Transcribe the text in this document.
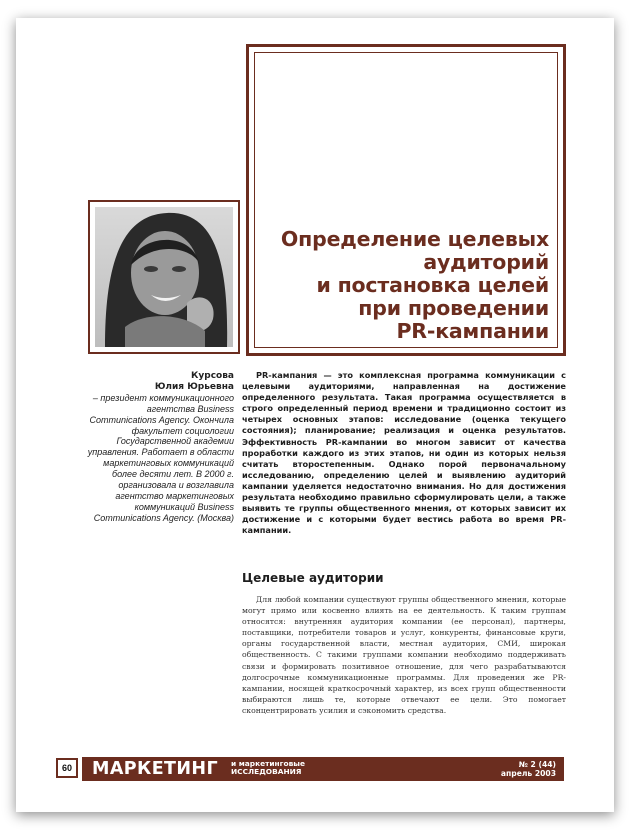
Определение целевых
аудиторий
и постановка целей
при проведении
PR-кампании
Курсова
Юлия Юрьевна
– президент коммуникационного агентства Business Communications Agency. Окончила факультет социологии Государственной академии управления. Работает в области маркетинговых коммуникаций более десяти лет. В 2000 г. организовала и возглавила агентство маркетинговых коммуникаций Business Communications Agency. (Москва)
PR-кампания — это комплексная программа коммуникации с целевыми аудиториями, направленная на достижение определенного результата. Такая программа осуществляется в строго определенный период времени и традиционно состоит из четырех основных этапов: исследование (оценка текущего состояния); планирование; реализация и оценка результатов. Эффективность PR-кампании во многом зависит от качества проработки каждого из этих этапов, ни один из которых нельзя считать второстепенным. Однако порой первоначальному исследованию, определению целей и выявлению аудиторий кампании уделяется недостаточно внимания. Но для достижения результата необходимо правильно сформулировать цели, а также выявить те группы общественного мнения, от которых зависит их достижение и с которыми будет вестись работа во время PR-кампании.
Целевые аудитории
Для любой компании существуют группы общественного мнения, которые могут прямо или косвенно влиять на ее деятельность. К таким группам относятся: внутренняя аудитория компании (ее персонал), партнеры, поставщики, потребители товаров и услуг, конкуренты, финансовые круги, органы государственной власти, местная аудитория, СМИ, широкая общественность. С такими группами компании необходимо поддерживать связи и формировать позитивное отношение, для чего разрабатываются долгосрочные коммуникационные программы. Для проведения же PR-кампании, носящей краткосрочный характер, из всех групп общественности выбираются лишь те, которые отвечают ее цели. Это помогает сконцентрировать усилия и сэкономить средства.
60	МАРКЕТИНГ и маркетинговые
ИССЛЕДОВАНИЯ
№ 2 (44)
апрель 2003
